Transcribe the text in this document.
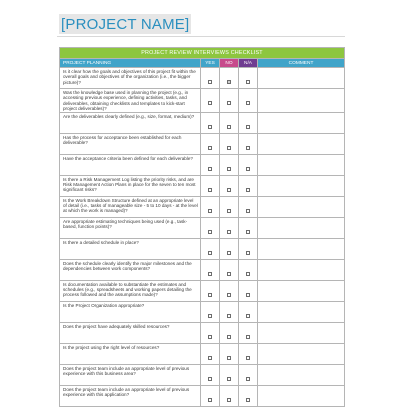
[PROJECT NAME]
PROJECT REVIEW INTERVIEWS CHECKLIST				
PROJECT PLANNING	YES	NO	N/A	COMMENT
Is it clear how the goals and objectives of this project fit within the overall goals and objectives of the organization (i.e., the bigger picture)?				
Was the knowledge base used in planning the project (e.g., in accessing previous experience, defining activities, tasks, and deliverables, obtaining checklists and templates to kick-start project deliverables)?				
Are the deliverables clearly defined (e.g., size, format, medium)?				
Has the process for acceptance been established for each deliverable?				
Have the acceptance criteria been defined for each deliverable?				
Is there a Risk Management Log listing the priority risks, and are Risk Management Action Plans in place for the seven to ten most significant risks?				
Is the Work Breakdown Structure defined at an appropriate level of detail (i.e., tasks of manageable size - 5 to 10 days - at the level at which the work is managed)?				
Are appropriate estimating techniques being used (e.g., task-based, function points)?				
Is there a detailed schedule in place?				
Does the schedule clearly identify the major milestones and the dependencies between work components?				
Is documentation available to substantiate the estimates and schedules (e.g., spreadsheets and working papers detailing the process followed and the assumptions made)?				
Is the Project Organization appropriate?				
Does the project have adequately skilled resources?				
Is the project using the right level of resources?				
Does the project team include an appropriate level of previous experience with this business area?				
Does the project team include an appropriate level of previous experience with this application?				
